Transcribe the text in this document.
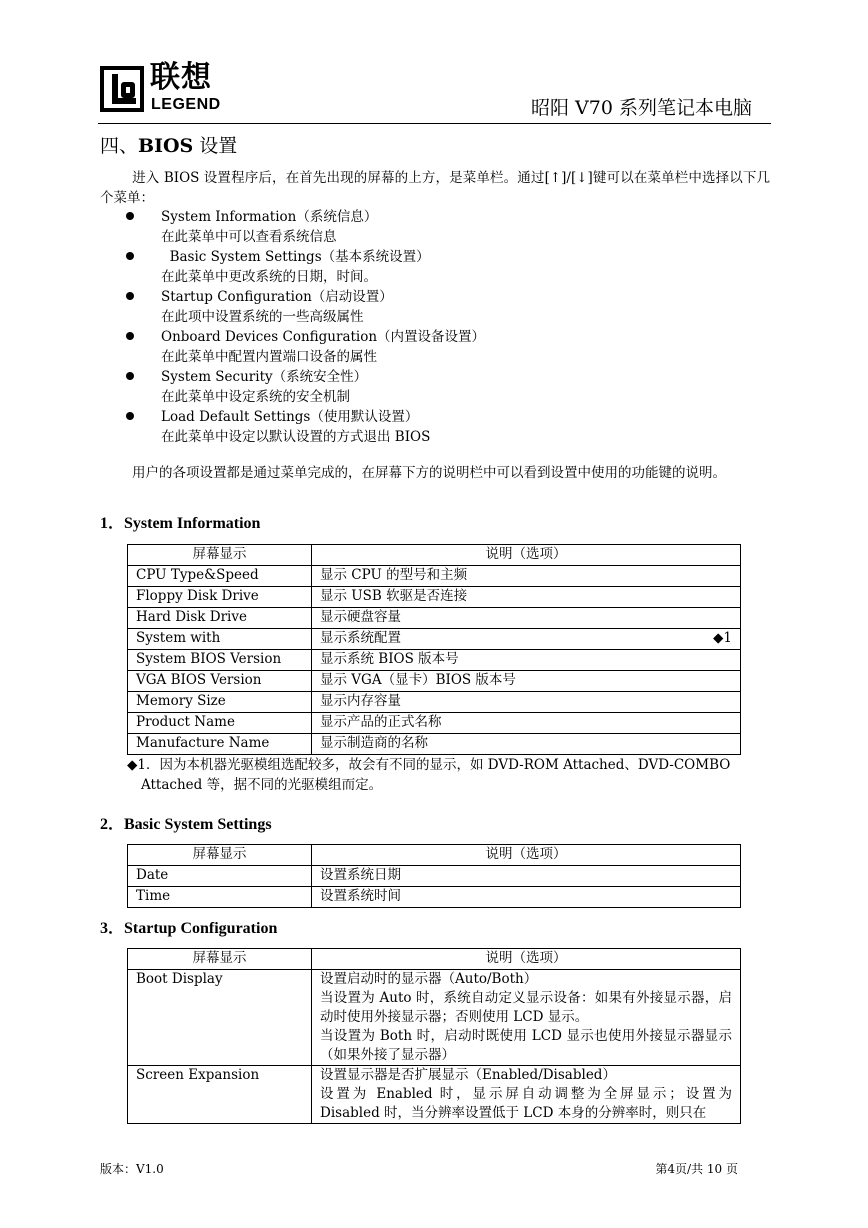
联想
LEGEND	昭阳 V70 系列笔记本电脑
四、BIOS 设置
进入 BIOS 设置程序后，在首先出现的屏幕的上方，是菜单栏。通过[↑]/[↓]键可以在菜单栏中选择以下几个菜单：
System Information（系统信息）
在此菜单中可以查看系统信息
Basic System Settings（基本系统设置）
在此菜单中更改系统的日期，时间。
Startup Configuration（启动设置）
在此项中设置系统的一些高级属性
Onboard Devices Configuration（内置设备设置）
在此菜单中配置内置端口设备的属性
System Security（系统安全性）
在此菜单中设定系统的安全机制
Load Default Settings（使用默认设置）
在此菜单中设定以默认设置的方式退出 BIOS
用户的各项设置都是通过菜单完成的，在屏幕下方的说明栏中可以看到设置中使用的功能键的说明。
1．System Information
屏幕显示	说明（选项）
CPU Type&Speed	显示 CPU 的型号和主频
Floppy Disk Drive	显示 USB 软驱是否连接
Hard Disk Drive	显示硬盘容量
System with	显示系统配置 ◆1

System BIOS Version	显示系统 BIOS 版本号
VGA BIOS Version	显示 VGA（显卡）BIOS 版本号
Memory Size	显示内存容量
Product Name	显示产品的正式名称
Manufacture Name	显示制造商的名称
◆1．因为本机器光驱模组选配较多，故会有不同的显示，如 DVD-ROM Attached、DVD-COMBO
Attached 等，据不同的光驱模组而定。
2．Basic System Settings
屏幕显示	说明（选项）
Date	设置系统日期
Time	设置系统时间
3．Startup Configuration
屏幕显示	说明（选项）
Boot Display	设置启动时的显示器（Auto/Both）
当设置为 Auto 时，系统自动定义显示设备：如果有外接显示器，启动时使用外接显示器；否则使用 LCD 显示。
当设置为 Both 时，启动时既使用 LCD 显示也使用外接显示器显示（如果外接了显示器）
Screen Expansion	设置显示器是否扩展显示（Enabled/Disabled）
设置为 Enabled 时，显示屏自动调整为全屏显示；设置为 Disabled 时，当分辨率设置低于 LCD 本身的分辨率时，则只在
版本：V1.0	第4页/共 10 页
